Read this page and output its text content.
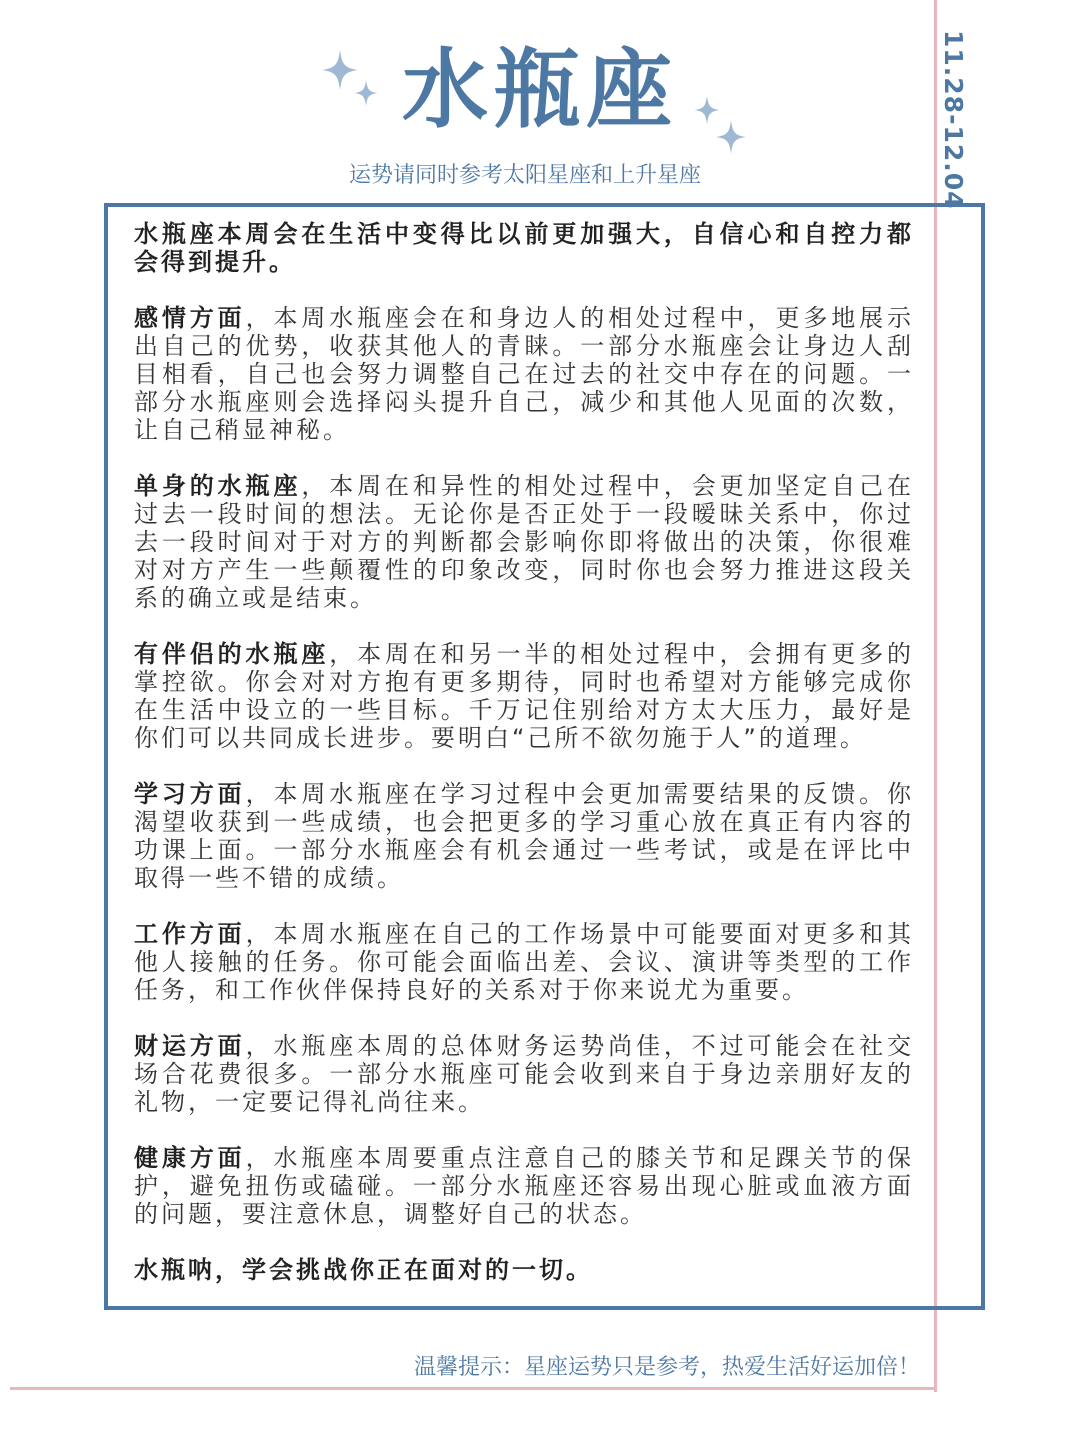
水瓶座
运势请同时参考太阳星座和上升星座	11.28-12.04

水瓶座本周会在生活中变得比以前更加强大，自信心和自控力都会得到提升。

感情方面，本周水瓶座会在和身边人的相处过程中，更多地展示出自己的优势，收获其他人的青睐。一部分水瓶座会让身边人刮目相看，自己也会努力调整自己在过去的社交中存在的问题。一部分水瓶座则会选择闷头提升自己，减少和其他人见面的次数，让自己稍显神秘。

单身的水瓶座，本周在和异性的相处过程中，会更加坚定自己在过去一段时间的想法。无论你是否正处于一段暧昧关系中，你过去一段时间对于对方的判断都会影响你即将做出的决策，你很难对对方产生一些颠覆性的印象改变，同时你也会努力推进这段关系的确立或是结束。

有伴侣的水瓶座，本周在和另一半的相处过程中，会拥有更多的掌控欲。你会对对方抱有更多期待，同时也希望对方能够完成你在生活中设立的一些目标。千万记住别给对方太大压力，最好是你们可以共同成长进步。要明白“己所不欲勿施于人”的道理。

学习方面，本周水瓶座在学习过程中会更加需要结果的反馈。你渴望收获到一些成绩，也会把更多的学习重心放在真正有内容的功课上面。一部分水瓶座会有机会通过一些考试，或是在评比中取得一些不错的成绩。

工作方面，本周水瓶座在自己的工作场景中可能要面对更多和其他人接触的任务。你可能会面临出差、会议、演讲等类型的工作任务，和工作伙伴保持良好的关系对于你来说尤为重要。

财运方面，水瓶座本周的总体财务运势尚佳，不过可能会在社交场合花费很多。一部分水瓶座可能会收到来自于身边亲朋好友的礼物，一定要记得礼尚往来。

健康方面，水瓶座本周要重点注意自己的膝关节和足踝关节的保护，避免扭伤或磕碰。一部分水瓶座还容易出现心脏或血液方面的问题，要注意休息，调整好自己的状态。

水瓶呐，学会挑战你正在面对的一切。

温馨提示：星座运势只是参考，热爱生活好运加倍！
